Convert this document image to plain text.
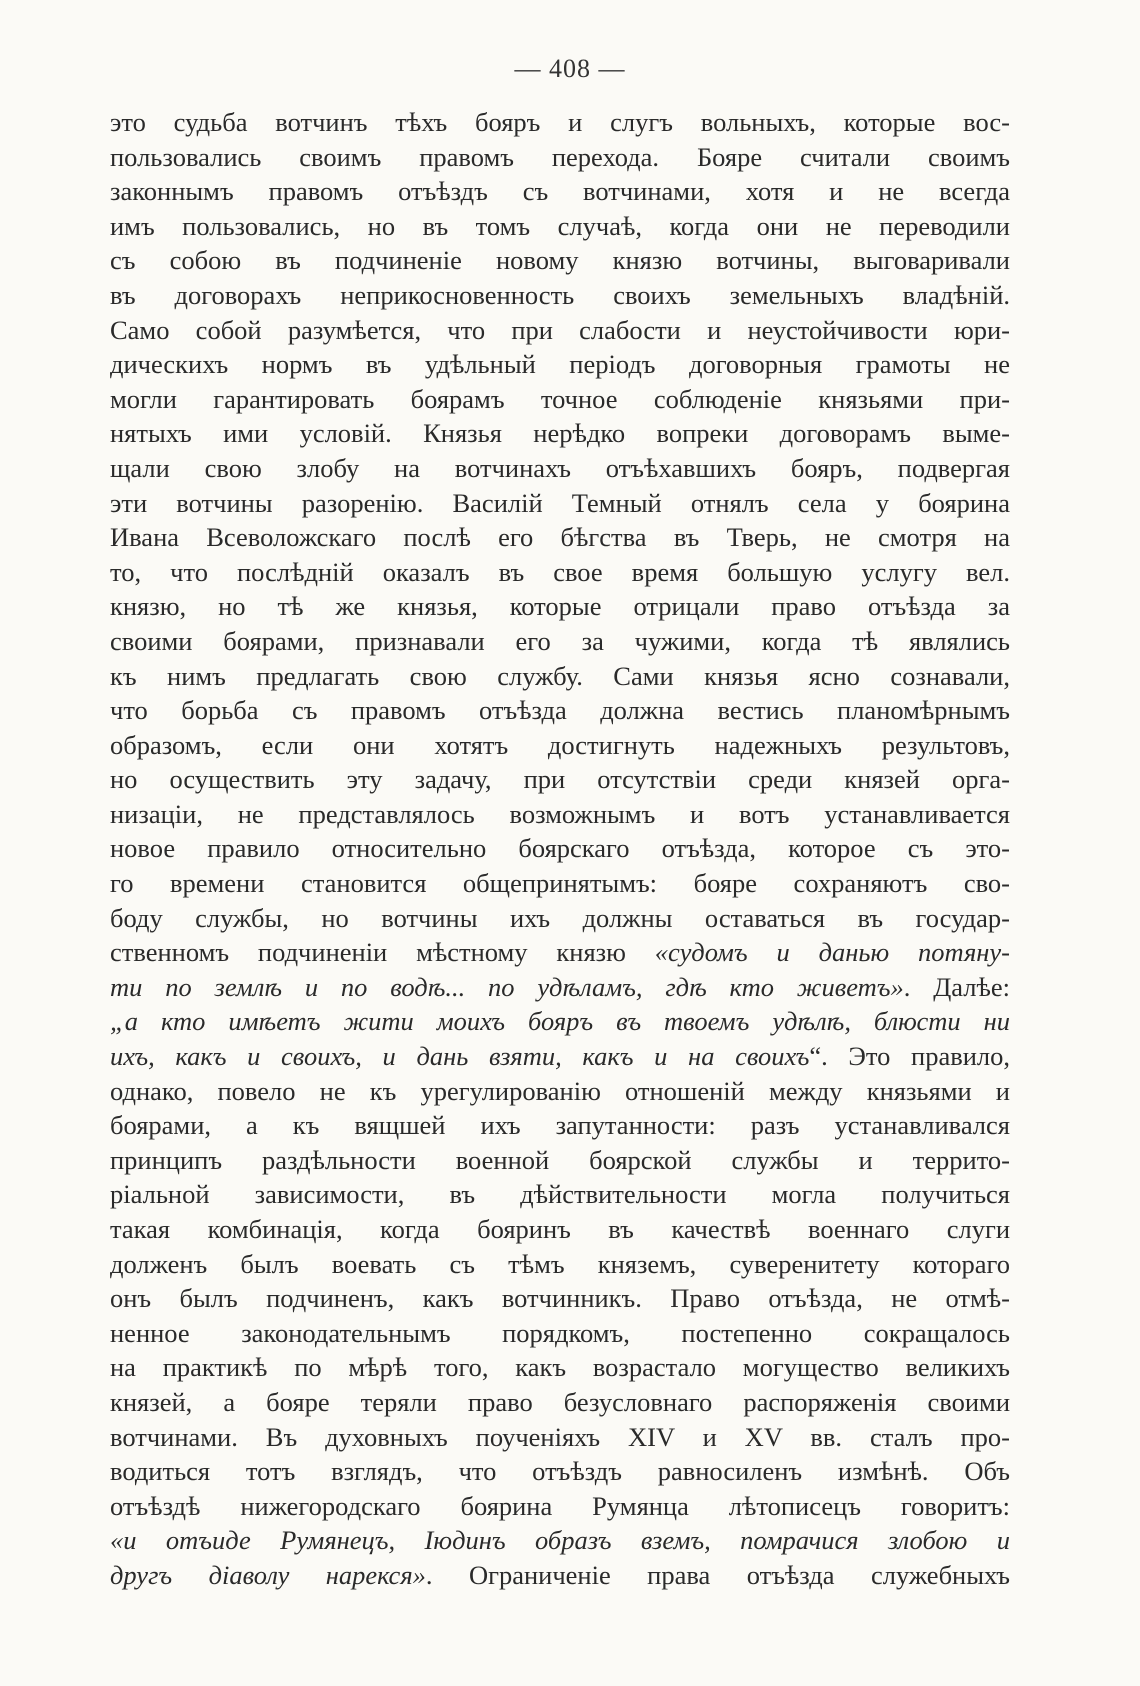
— 408 —
это судьба вотчинъ тѣхъ бояръ и слугъ вольныхъ, которые вос-
пользовались своимъ правомъ перехода. Бояре считали своимъ
законнымъ правомъ отъѣздъ съ вотчинами, хотя и не всегда
имъ пользовались, но въ томъ случаѣ, когда они не переводили
съ собою въ подчиненіе новому князю вотчины, выговаривали
въ договорахъ неприкосновенность своихъ земельныхъ владѣній.
Само собой разумѣется, что при слабости и неустойчивости юри-
дическихъ нормъ въ удѣльный періодъ договорныя грамоты не
могли гарантировать боярамъ точное соблюденіе князьями при-
нятыхъ ими условій. Князья нерѣдко вопреки договорамъ выме-
щали свою злобу на вотчинахъ отъѣхавшихъ бояръ, подвергая
эти вотчины разоренію. Василій Темный отнялъ села у боярина
Ивана Всеволожскаго послѣ его бѣгства въ Тверь, не смотря на
то, что послѣдній оказалъ въ свое время большую услугу вел.
князю, но тѣ же князья, которые отрицали право отъѣзда за
своими боярами, признавали его за чужими, когда тѣ являлись
къ нимъ предлагать свою службу. Сами князья ясно сознавали,
что борьба съ правомъ отъѣзда должна вестись планомѣрнымъ
образомъ, если они хотятъ достигнуть надежныхъ результовъ,
но осуществить эту задачу, при отсутствіи среди князей орга-
низаціи, не представлялось возможнымъ и вотъ устанавливается
новое правило относительно боярскаго отъѣзда, которое съ это-
го времени становится общепринятымъ: бояре сохраняютъ сво-
боду службы, но вотчины ихъ должны оставаться въ государ-
ственномъ подчиненіи мѣстному князю «судомъ и данью потяну-
ти по землѣ и по водѣ... по удѣламъ, гдѣ кто живетъ». Далѣе:
„а кто имѣетъ жити моихъ бояръ въ твоемъ удѣлѣ, блюсти ни
ихъ, какъ и своихъ, и дань взяти, какъ и на своихъ“. Это правило,
однако, повело не къ урегулированію отношеній между князьями и
боярами, а къ вящшей ихъ запутанности: разъ устанавливался
принципъ раздѣльности военной боярской службы и террито-
ріальной зависимости, въ дѣйствительности могла получиться
такая комбинація, когда бояринъ въ качествѣ военнаго слуги
долженъ былъ воевать съ тѣмъ княземъ, суверенитету котораго
онъ былъ подчиненъ, какъ вотчинникъ. Право отъѣзда, не отмѣ-
ненное законодательнымъ порядкомъ, постепенно сокращалось
на практикѣ по мѣрѣ того, какъ возрастало могущество великихъ
князей, а бояре теряли право безусловнаго распоряженія своими
вотчинами. Въ духовныхъ поученіяхъ XIV и XV вв. сталъ про-
водиться тотъ взглядъ, что отъѣздъ равносиленъ измѣнѣ. Объ
отъѣздѣ нижегородскаго боярина Румянца лѣтописецъ говоритъ:
«и отъиде Румянецъ, Іюдинъ образъ вземъ, помрачися злобою и
другъ діаволу нарекся». Ограниченіе права отъѣзда служебныхъ
